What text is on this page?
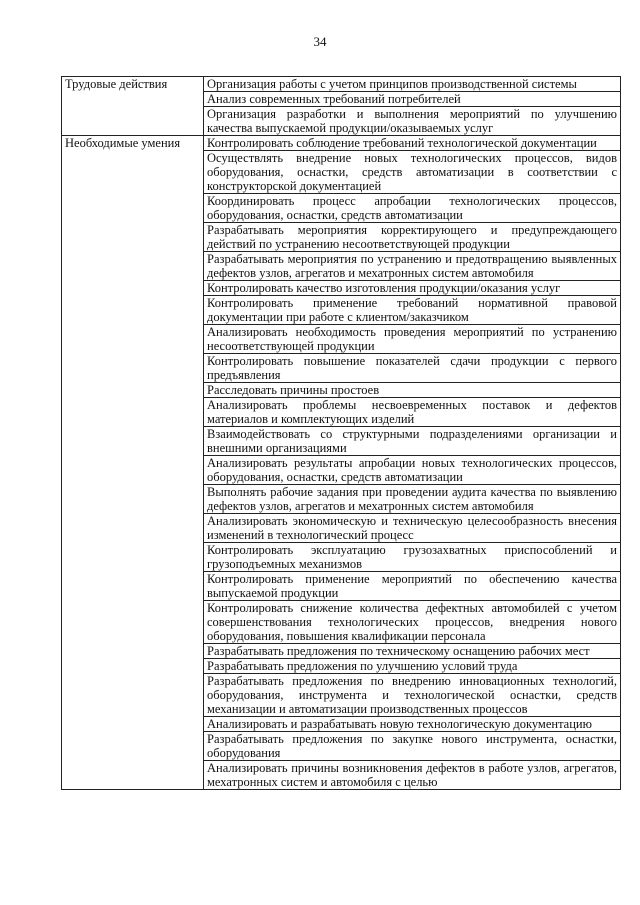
34
Трудовые действия	Организация работы с учетом принципов производственной системы
	Анализ современных требований потребителей
	Организация разработки и выполнения мероприятий по улучшению качества выпускаемой продукции/оказываемых услуг
Необходимые умения	Контролировать соблюдение требований технологической документации
	Осуществлять внедрение новых технологических процессов, видов оборудования, оснастки, средств автоматизации в соответствии с конструкторской документацией
	Координировать процесс апробации технологических процессов, оборудования, оснастки, средств автоматизации
	Разрабатывать мероприятия корректирующего и предупреждающего действий по устранению несоответствующей продукции
	Разрабатывать мероприятия по устранению и предотвращению выявленных дефектов узлов, агрегатов и мехатронных систем автомобиля
	Контролировать качество изготовления продукции/оказания услуг
	Контролировать применение требований нормативной правовой документации при работе с клиентом/заказчиком
	Анализировать необходимость проведения мероприятий по устранению несоответствующей продукции
	Контролировать повышение показателей сдачи продукции с первого предъявления
	Расследовать причины простоев
	Анализировать проблемы несвоевременных поставок и дефектов материалов и комплектующих изделий
	Взаимодействовать со структурными подразделениями организации и внешними организациями
	Анализировать результаты апробации новых технологических процессов, оборудования, оснастки, средств автоматизации
	Выполнять рабочие задания при проведении аудита качества по выявлению дефектов узлов, агрегатов и мехатронных систем автомобиля
	Анализировать экономическую и техническую целесообразность внесения изменений в технологический процесс
	Контролировать эксплуатацию грузозахватных приспособлений и грузоподъемных механизмов
	Контролировать применение мероприятий по обеспечению качества выпускаемой продукции
	Контролировать снижение количества дефектных автомобилей с учетом совершенствования технологических процессов, внедрения нового оборудования, повышения квалификации персонала
	Разрабатывать предложения по техническому оснащению рабочих мест
	Разрабатывать предложения по улучшению условий труда
	Разрабатывать предложения по внедрению инновационных технологий, оборудования, инструмента и технологической оснастки, средств механизации и автоматизации производственных процессов
	Анализировать и разрабатывать новую технологическую документацию
	Разрабатывать предложения по закупке нового инструмента, оснастки, оборудования
	Анализировать причины возникновения дефектов в работе узлов, агрегатов, мехатронных систем и автомобиля с целью
